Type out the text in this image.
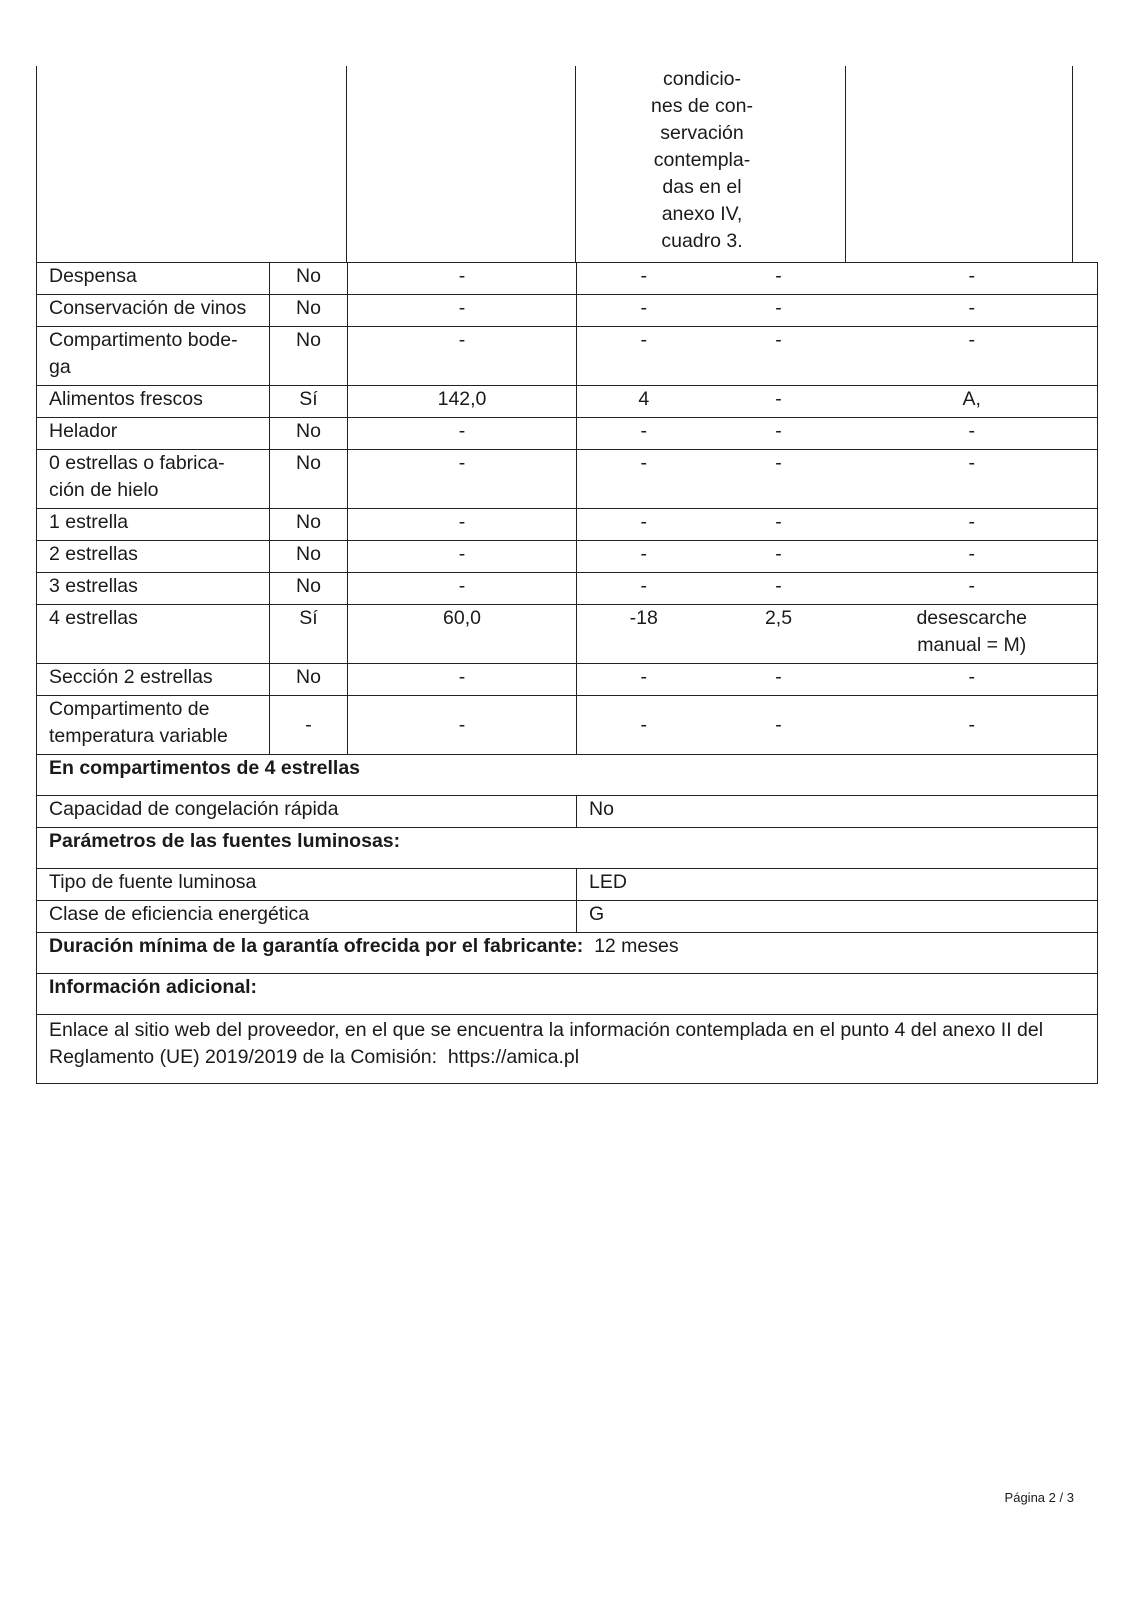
condicio-
nes de con-
servación
contempla-
das en el
anexo IV,
cuadro 3.
Despensa	No	-	-	-	-
Conservación de vinos	No	-	-	-	-
Compartimento bode-
ga	No	-	-	-	-
Alimentos frescos	Sí	142,0	4	-	A,
Helador	No	-	-	-	-
0 estrellas o fabrica-
ción de hielo	No	-	-	-	-
1 estrella	No	-	-	-	-
2 estrellas	No	-	-	-	-
3 estrellas	No	-	-	-	-
4 estrellas	Sí	60,0	-18	2,5	desescarche
manual = M)
Sección 2 estrellas	No	-	-	-	-
Compartimento de
temperatura variable	-	-	-	-	-
En compartimentos de 4 estrellas					
Capacidad de congelación rápida			No		
Parámetros de las fuentes luminosas:					
Tipo de fuente luminosa			LED		
Clase de eficiencia energética			G		
Duración mínima de la garantía ofrecida por el fabricante: 12 meses					
Información adicional:					
Enlace al sitio web del proveedor, en el que se encuentra la información contemplada en el punto 4 del anexo II del Reglamento (UE) 2019/2019 de la Comisión: https://amica.pl					
Página 2 / 3
